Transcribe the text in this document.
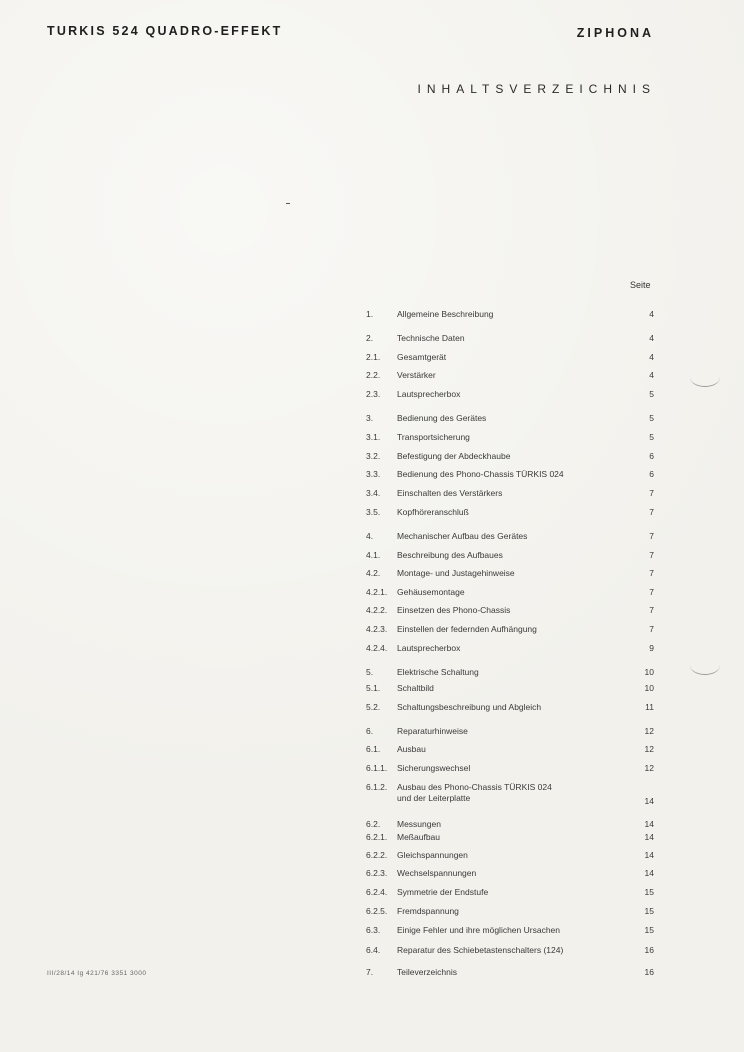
TURKIS 524 QUADRO-EFFEKT	ZIPHONA
INHALTSVERZEICHNIS
Seite
1.	Allgemeine Beschreibung	4
2.	Technische Daten	4
2.1. Gesamtgerät	4
2.2. Verstärker	4
2.3. Lautsprecherbox	5
3.	Bedienung des Gerätes	5
3.1. Transportsicherung	5
3.2. Befestigung der Abdeckhaube	6
3.3. Bedienung des Phono-Chassis TÜRKIS 024	6
3.4. Einschalten des Verstärkers	7
3.5. Kopfhöreranschluß	7
4.	Mechanischer Aufbau des Gerätes	7
4.1. Beschreibung des Aufbaues	7
4.2. Montage- und Justagehinweise	7
4.2.1. Gehäusemontage	7
4.2.2. Einsetzen des Phono-Chassis	7
4.2.3. Einstellen der federnden Aufhängung	7
4.2.4. Lautsprecherbox	9
5.	Elektrische Schaltung	10
5.1. Schaltbild	10
5.2. Schaltungsbeschreibung und Abgleich	11
6.	Reparaturhinweise	12
6.1. Ausbau	12
6.1.1. Sicherungswechsel	12
6.1.2. Ausbau des Phono-Chassis TÜRKIS 024
und der Leiterplatte	14
6.2. Messungen	14
6.2.1. Meßaufbau	14
6.2.2. Gleichspannungen	14
6.2.3. Wechselspannungen	14
6.2.4. Symmetrie der Endstufe	15
6.2.5. Fremdspannung	15
6.3. Einige Fehler und ihre möglichen Ursachen	15
6.4. Reparatur des Schiebetastenschalters (124)	16
7.	Teileverzeichnis	16
III/28/14 Ig 421/76 3351 3000
